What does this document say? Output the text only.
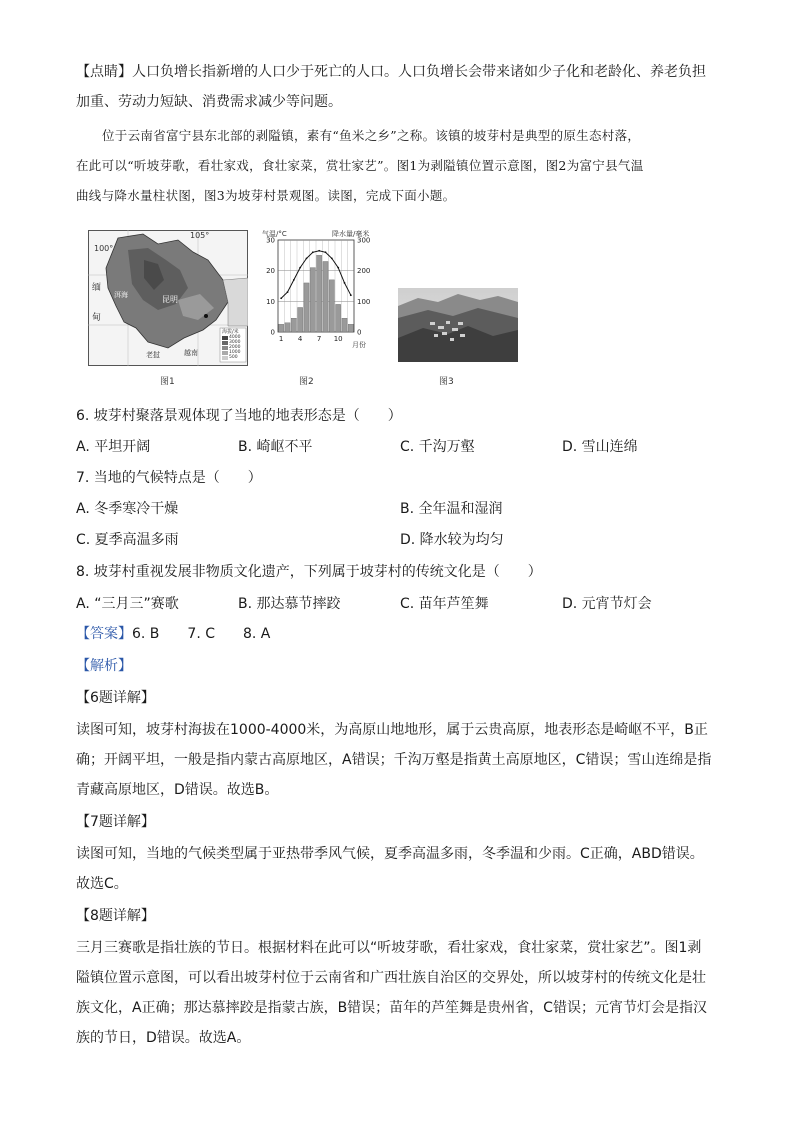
【点睛】人口负增长指新增的人口少于死亡的人口。人口负增长会带来诸如少子化和老龄化、养老负担
加重、劳动力短缺、消费需求减少等问题。
位于云南省富宁县东北部的剥隘镇，素有“鱼米之乡”之称。该镇的坡芽村是典型的原生态村落，
在此可以“听坡芽歌，看壮家戏，食壮家菜，赏壮家艺”。图1为剥隘镇位置示意图，图2为富宁县气温
曲线与降水量柱状图，图3为坡芽村景观图。读图，完成下面小题。
100°
105°
缅
甸
洱海	昆明
老挝	越南
海拔/米
4000
3000
2000
1000
500
图1
30
20
10
0
300
200
100
0
1 4 7 10
气温/°C	降水量/毫米
月份
图2	图3
6. 坡芽村聚落景观体现了当地的地表形态是（　　）
A. 平坦开阔	B. 崎岖不平	C. 千沟万壑	D. 雪山连绵
7. 当地的气候特点是（　　）
A. 冬季寒冷干燥	B. 全年温和湿润
C. 夏季高温多雨	D. 降水较为均匀
8. 坡芽村重视发展非物质文化遗产，下列属于坡芽村的传统文化是（　　）
A. “三月三”赛歌	B. 那达慕节摔跤	C. 苗年芦笙舞	D. 元宵节灯会
【答案】6. B　　7. C　　8. A
【解析】
【6题详解】
读图可知，坡芽村海拔在1000-4000米，为高原山地地形，属于云贵高原，地表形态是崎岖不平，B正
确；开阔平坦，一般是指内蒙古高原地区，A错误；千沟万壑是指黄土高原地区，C错误；雪山连绵是指
青藏高原地区，D错误。故选B。
【7题详解】
读图可知，当地的气候类型属于亚热带季风气候，夏季高温多雨，冬季温和少雨。C正确，ABD错误。
故选C。
【8题详解】
三月三赛歌是指壮族的节日。根据材料在此可以“听坡芽歌，看壮家戏，食壮家菜，赏壮家艺”。图1剥
隘镇位置示意图，可以看出坡芽村位于云南省和广西壮族自治区的交界处，所以坡芽村的传统文化是壮
族文化，A正确；那达慕摔跤是指蒙古族，B错误；苗年的芦笙舞是贵州省，C错误；元宵节灯会是指汉
族的节日，D错误。故选A。
